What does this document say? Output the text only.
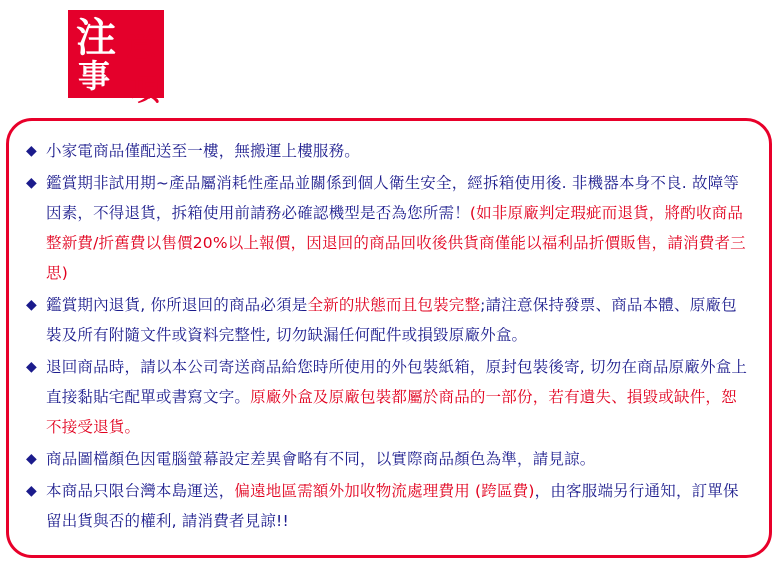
注 意
事 項
◆ 小家電商品僅配送至一樓，無搬運上樓服務。
◆ 鑑賞期非試用期~產品屬消耗性產品並關係到個人衛生安全，經拆箱使用後. 非機器本身不良. 故障等因素，不得退貨，拆箱使用前請務必確認機型是否為您所需！(如非原廠判定瑕疵而退貨，將酌收商品整新費/折舊費以售價20%以上報價，因退回的商品回收後供貨商僅能以福利品折價販售，請消費者三思)
◆ 鑑賞期內退貨, 你所退回的商品必須是全新的狀態而且包裝完整;請注意保持發票、商品本體、原廠包裝及所有附隨文件或資料完整性, 切勿缺漏任何配件或損毀原廠外盒。
◆ 退回商品時，請以本公司寄送商品給您時所使用的外包裝紙箱，原封包裝後寄, 切勿在商品原廠外盒上直接黏貼宅配單或書寫文字。原廠外盒及原廠包裝都屬於商品的一部份，若有遺失、損毀或缺件，恕不接受退貨。
◆ 商品圖檔顏色因電腦螢幕設定差異會略有不同，以實際商品顏色為準，請見諒。
◆ 本商品只限台灣本島運送，偏遠地區需額外加收物流處理費用 (跨區費)，由客服端另行通知，訂單保留出貨與否的權利, 請消費者見諒!!
